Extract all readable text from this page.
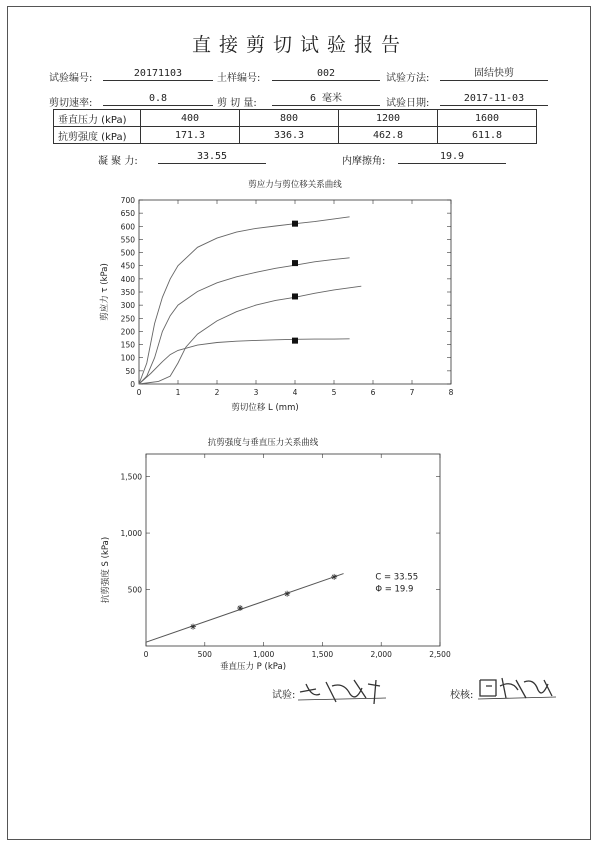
直接剪切试验报告
试验编号:	20171103	土样编号:	002	试验方法:	固结快剪
剪切速率:	0.8	剪 切 量:	6 毫米	试验日期:	2017-11-03
垂直压力 (kPa)	400	800	1200	1600
抗剪强度 (kPa)	171.3	336.3	462.8	611.8
凝 聚 力:	33.55	内摩擦角:	19.9
剪应力与剪位移关系曲线
0
50
100
150
200
250
300
350
400
450
500
550
600
650
700
0	1	2	3	4	5	6	7	8
剪切位移 L (mm)
剪应力 τ (kPa)
抗剪强度与垂直压力关系曲线
500
1,000
1,500
0	500	1,000	1,500	2,000	2,500
垂直压力 P (kPa)
抗剪强度 S (kPa)	C = 33.55
Φ = 19.9
试验:	校核:
